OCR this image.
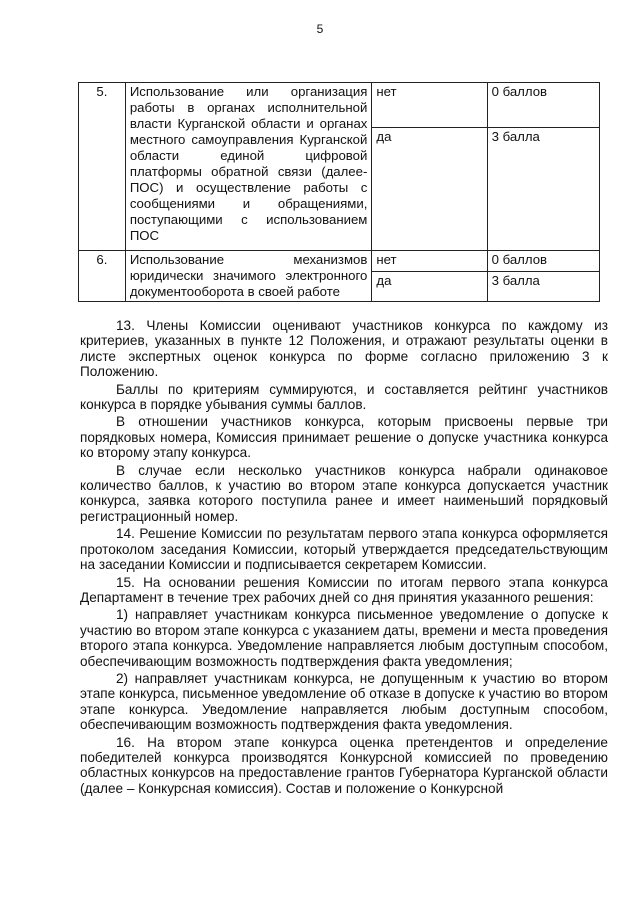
5
5.	Использование или организация работы в органах исполнительной власти Курганской области и органах местного самоуправления Курганской области единой цифровой платформы обратной связи (далее-ПОС) и осуществление работы с сообщениями и обращениями, поступающими с использованием ПОС	нет	0 баллов
		да	3 балла
6.	Использование механизмов юридически значимого электронного документооборота в своей работе	нет	0 баллов
		да	3 балла

13. Члены Комиссии оценивают участников конкурса по каждому из критериев, указанных в пункте 12 Положения, и отражают результаты оценки в листе экспертных оценок конкурса по форме согласно приложению 3 к Положению.

Баллы по критериям суммируются, и составляется рейтинг участников конкурса в порядке убывания суммы баллов.

В отношении участников конкурса, которым присвоены первые три порядковых номера, Комиссия принимает решение о допуске участника конкурса ко второму этапу конкурса.

В случае если несколько участников конкурса набрали одинаковое количество баллов, к участию во втором этапе конкурса допускается участник конкурса, заявка которого поступила ранее и имеет наименьший порядковый регистрационный номер.

14. Решение Комиссии по результатам первого этапа конкурса оформляется протоколом заседания Комиссии, который утверждается председательствующим на заседании Комиссии и подписывается секретарем Комиссии.

15. На основании решения Комиссии по итогам первого этапа конкурса Департамент в течение трех рабочих дней со дня принятия указанного решения:

1) направляет участникам конкурса письменное уведомление о допуске к участию во втором этапе конкурса с указанием даты, времени и места проведения второго этапа конкурса. Уведомление направляется любым доступным способом, обеспечивающим возможность подтверждения факта уведомления;

2) направляет участникам конкурса, не допущенным к участию во втором этапе конкурса, письменное уведомление об отказе в допуске к участию во втором этапе конкурса. Уведомление направляется любым доступным способом, обеспечивающим возможность подтверждения факта уведомления.

16. На втором этапе конкурса оценка претендентов и определение победителей конкурса производятся Конкурсной комиссией по проведению областных конкурсов на предоставление грантов Губернатора Курганской области (далее – Конкурсная комиссия). Состав и положение о Конкурсной
